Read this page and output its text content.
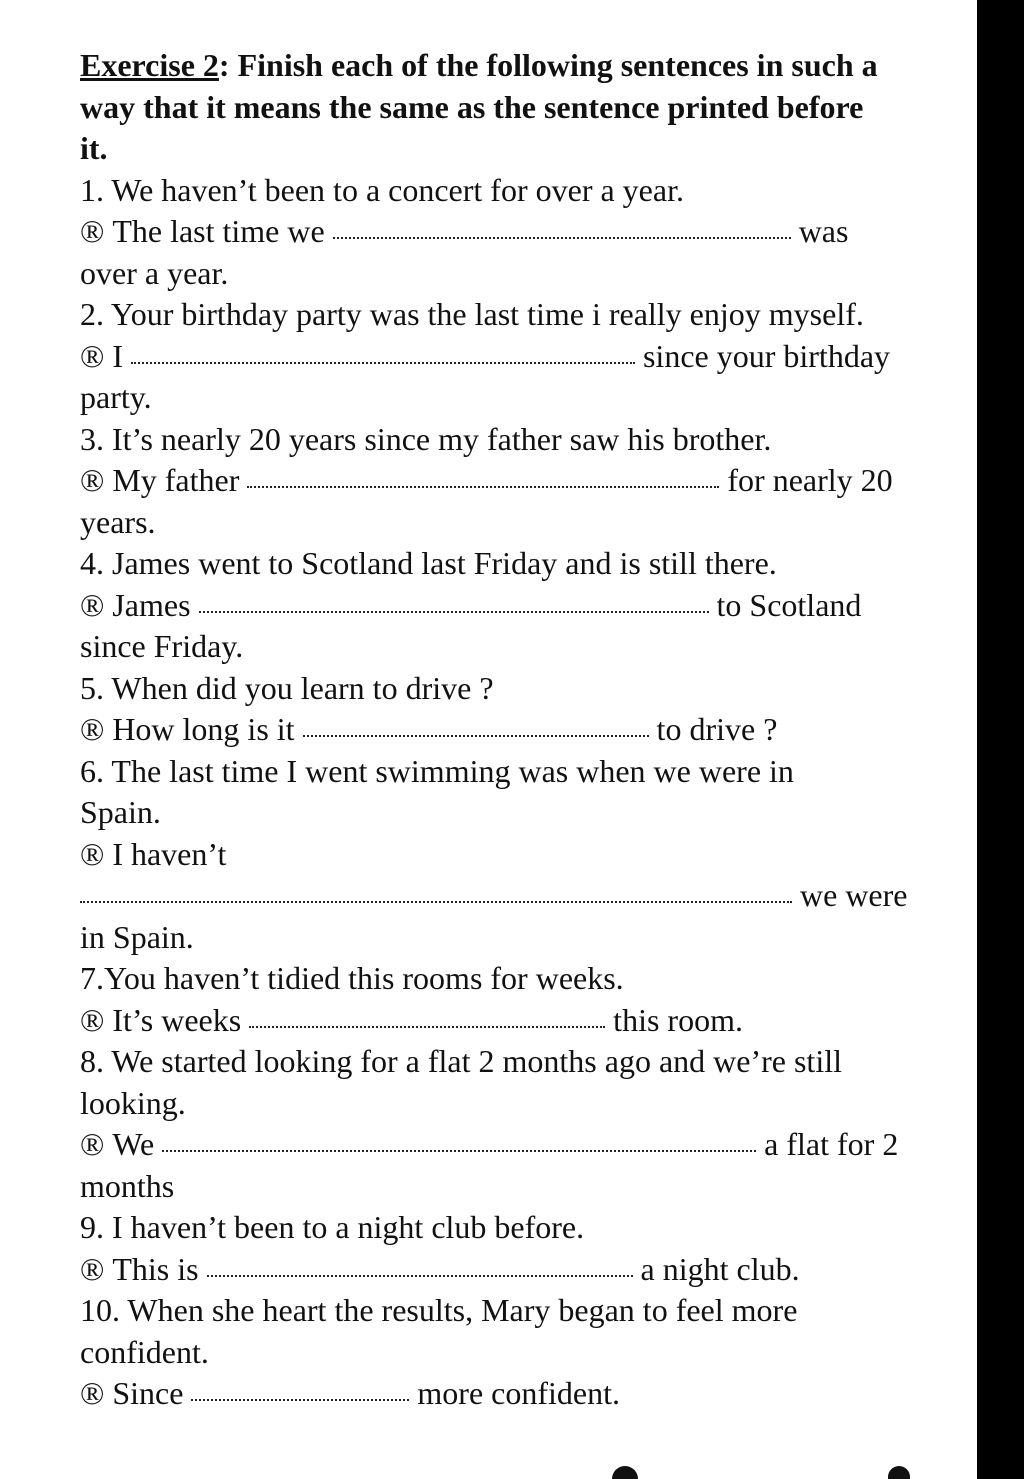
Exercise 2: Finish each of the following sentences in such a
way that it means the same as the sentence printed before
it.
1. We haven’t been to a concert for over a year.
®
The last time we	was
over a year.
2. Your birthday party was the last time i really enjoy myself.
®
I	since your birthday
party.
3. It’s nearly 20 years since my father saw his brother.
®
My father	for nearly 20
years.
4. James went to Scotland last Friday and is still there.
®
James	to Scotland
since Friday.
5. When did you learn to drive ?
®
How long is it	to drive ?
6. The last time I went swimming was when we were in
Spain.
® I haven’t
we were
in Spain.
7.You haven’t tidied this rooms for weeks.
®
It’s weeks	this room.
8. We started looking for a flat 2 months ago and we’re still
looking.
®
We	a flat for 2
months
9. I haven’t been to a night club before.
®
This is	a night club.
10. When she heart the results, Mary began to feel more
confident.
®
Since	more confident.
